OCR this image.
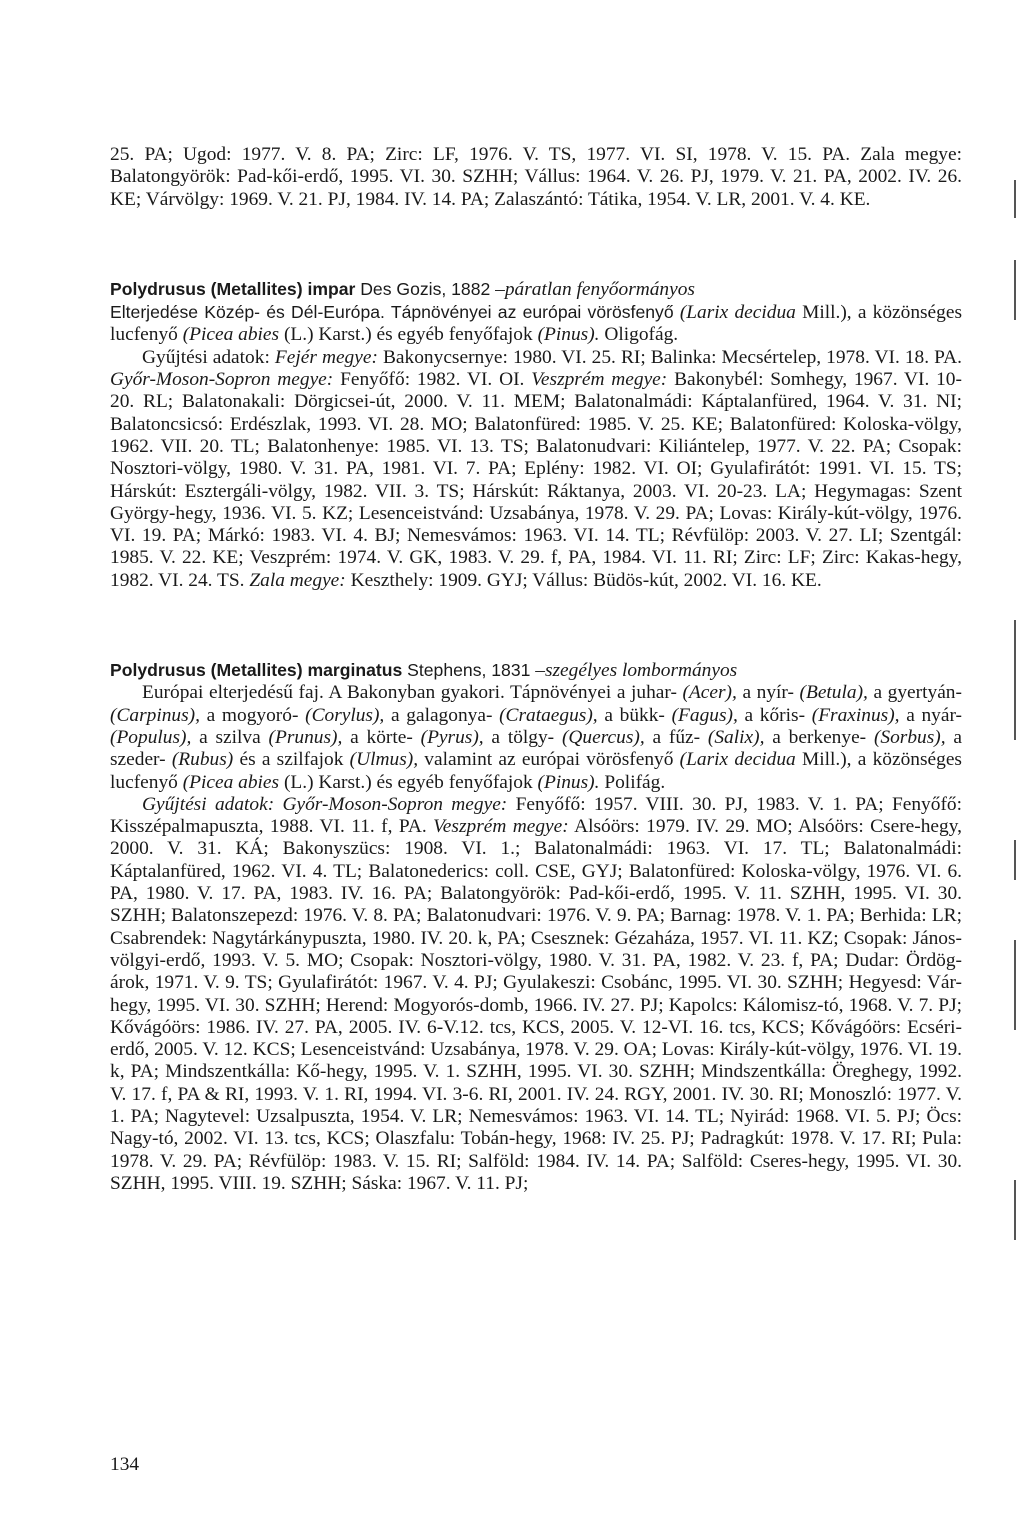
25. PA; Ugod: 1977. V. 8. PA; Zirc: LF, 1976. V. TS, 1977. VI. SI, 1978. V. 15. PA. Zala megye: Balatongyörök: Pad-kői-erdő, 1995. VI. 30. SZHH; Vállus: 1964. V. 26. PJ, 1979. V. 21. PA, 2002. IV. 26. KE; Várvölgy: 1969. V. 21. PJ, 1984. IV. 14. PA; Zalaszántó: Tátika, 1954. V. LR, 2001. V. 4. KE.

Polydrusus (Metallites) impar Des Gozis, 1882 –páratlan fenyőormányos

Elterjedése Közép- és Dél-Európa. Tápnövényei az európai vörösfenyő (Larix decidua Mill.), a közönséges lucfenyő (Picea abies (L.) Karst.) és egyéb fenyőfajok (Pinus). Oligofág.

Gyűjtési adatok: Fejér megye: Bakonycsernye: 1980. VI. 25. RI; Balinka: Mecsértelep, 1978. VI. 18. PA. Győr-Moson-Sopron megye: Fenyőfő: 1982. VI. OI. Veszprém megye: Bakonybél: Somhegy, 1967. VI. 10-20. RL; Balatonakali: Dörgicsei-út, 2000. V. 11. MEM; Balatonalmádi: Káptalanfüred, 1964. V. 31. NI; Balatoncsicsó: Erdészlak, 1993. VI. 28. MO; Balatonfüred: 1985. V. 25. KE; Balatonfüred: Koloska-völgy, 1962. VII. 20. TL; Balatonhenye: 1985. VI. 13. TS; Balatonudvari: Kiliántelep, 1977. V. 22. PA; Csopak: Nosztori-völgy, 1980. V. 31. PA, 1981. VI. 7. PA; Eplény: 1982. VI. OI; Gyulafirátót: 1991. VI. 15. TS; Hárskút: Esztergáli-völgy, 1982. VII. 3. TS; Hárskút: Ráktanya, 2003. VI. 20-23. LA; Hegymagas: Szent György-hegy, 1936. VI. 5. KZ; Lesenceistvánd: Uzsabánya, 1978. V. 29. PA; Lovas: Király-kút-völgy, 1976. VI. 19. PA; Márkó: 1983. VI. 4. BJ; Nemesvámos: 1963. VI. 14. TL; Révfülöp: 2003. V. 27. LI; Szentgál: 1985. V. 22. KE; Veszprém: 1974. V. GK, 1983. V. 29. f, PA, 1984. VI. 11. RI; Zirc: LF; Zirc: Kakas-hegy, 1982. VI. 24. TS. Zala megye: Keszthely: 1909. GYJ; Vállus: Büdös-kút, 2002. VI. 16. KE.

Polydrusus (Metallites) marginatus Stephens, 1831 –szegélyes lombormányos

Európai elterjedésű faj. A Bakonyban gyakori. Tápnövényei a juhar- (Acer), a nyír- (Betula), a gyertyán- (Carpinus), a mogyoró- (Corylus), a galagonya- (Crataegus), a bükk- (Fagus), a kőris- (Fraxinus), a nyár- (Populus), a szilva (Prunus), a körte- (Pyrus), a tölgy- (Quercus), a fűz- (Salix), a berkenye- (Sorbus), a szeder- (Rubus) és a szilfajok (Ulmus), valamint az európai vörösfenyő (Larix decidua Mill.), a közönséges lucfenyő (Picea abies (L.) Karst.) és egyéb fenyőfajok (Pinus). Polifág.

Gyűjtési adatok: Győr-Moson-Sopron megye: Fenyőfő: 1957. VIII. 30. PJ, 1983. V. 1. PA; Fenyőfő: Kisszépalmapuszta, 1988. VI. 11. f, PA. Veszprém megye: Alsóörs: 1979. IV. 29. MO; Alsóörs: Csere-hegy, 2000. V. 31. KÁ; Bakonyszücs: 1908. VI. 1.; Balatonalmádi: 1963. VI. 17. TL; Balatonalmádi: Káptalanfüred, 1962. VI. 4. TL; Balatonederics: coll. CSE, GYJ; Balatonfüred: Koloska-völgy, 1976. VI. 6. PA, 1980. V. 17. PA, 1983. IV. 16. PA; Balatongyörök: Pad-kői-erdő, 1995. V. 11. SZHH, 1995. VI. 30. SZHH; Balatonszepezd: 1976. V. 8. PA; Balatonudvari: 1976. V. 9. PA; Barnag: 1978. V. 1. PA; Berhida: LR; Csabrendek: Nagytárkánypuszta, 1980. IV. 20. k, PA; Csesznek: Gézaháza, 1957. VI. 11. KZ; Csopak: János-völgyi-erdő, 1993. V. 5. MO; Csopak: Nosztori-völgy, 1980. V. 31. PA, 1982. V. 23. f, PA; Dudar: Ördög-árok, 1971. V. 9. TS; Gyulafirátót: 1967. V. 4. PJ; Gyulakeszi: Csobánc, 1995. VI. 30. SZHH; Hegyesd: Vár-hegy, 1995. VI. 30. SZHH; Herend: Mogyorós-domb, 1966. IV. 27. PJ; Kapolcs: Kálomisz-tó, 1968. V. 7. PJ; Kővágóörs: 1986. IV. 27. PA, 2005. IV. 6-V.12. tcs, KCS, 2005. V. 12-VI. 16. tcs, KCS; Kővágóörs: Ecséri-erdő, 2005. V. 12. KCS; Lesenceistvánd: Uzsabánya, 1978. V. 29. OA; Lovas: Király-kút-völgy, 1976. VI. 19. k, PA; Mindszentkálla: Kő-hegy, 1995. V. 1. SZHH, 1995. VI. 30. SZHH; Mindszentkálla: Öreghegy, 1992. V. 17. f, PA & RI, 1993. V. 1. RI, 1994. VI. 3-6. RI, 2001. IV. 24. RGY, 2001. IV. 30. RI; Monoszló: 1977. V. 1. PA; Nagytevel: Uzsalpuszta, 1954. V. LR; Nemesvámos: 1963. VI. 14. TL; Nyirád: 1968. VI. 5. PJ; Öcs: Nagy-tó, 2002. VI. 13. tcs, KCS; Olaszfalu: Tobán-hegy, 1968: IV. 25. PJ; Padragkút: 1978. V. 17. RI; Pula: 1978. V. 29. PA; Révfülöp: 1983. V. 15. RI; Salföld: 1984. IV. 14. PA; Salföld: Cseres-hegy, 1995. VI. 30. SZHH, 1995. VIII. 19. SZHH; Sáska: 1967. V. 11. PJ;

134
